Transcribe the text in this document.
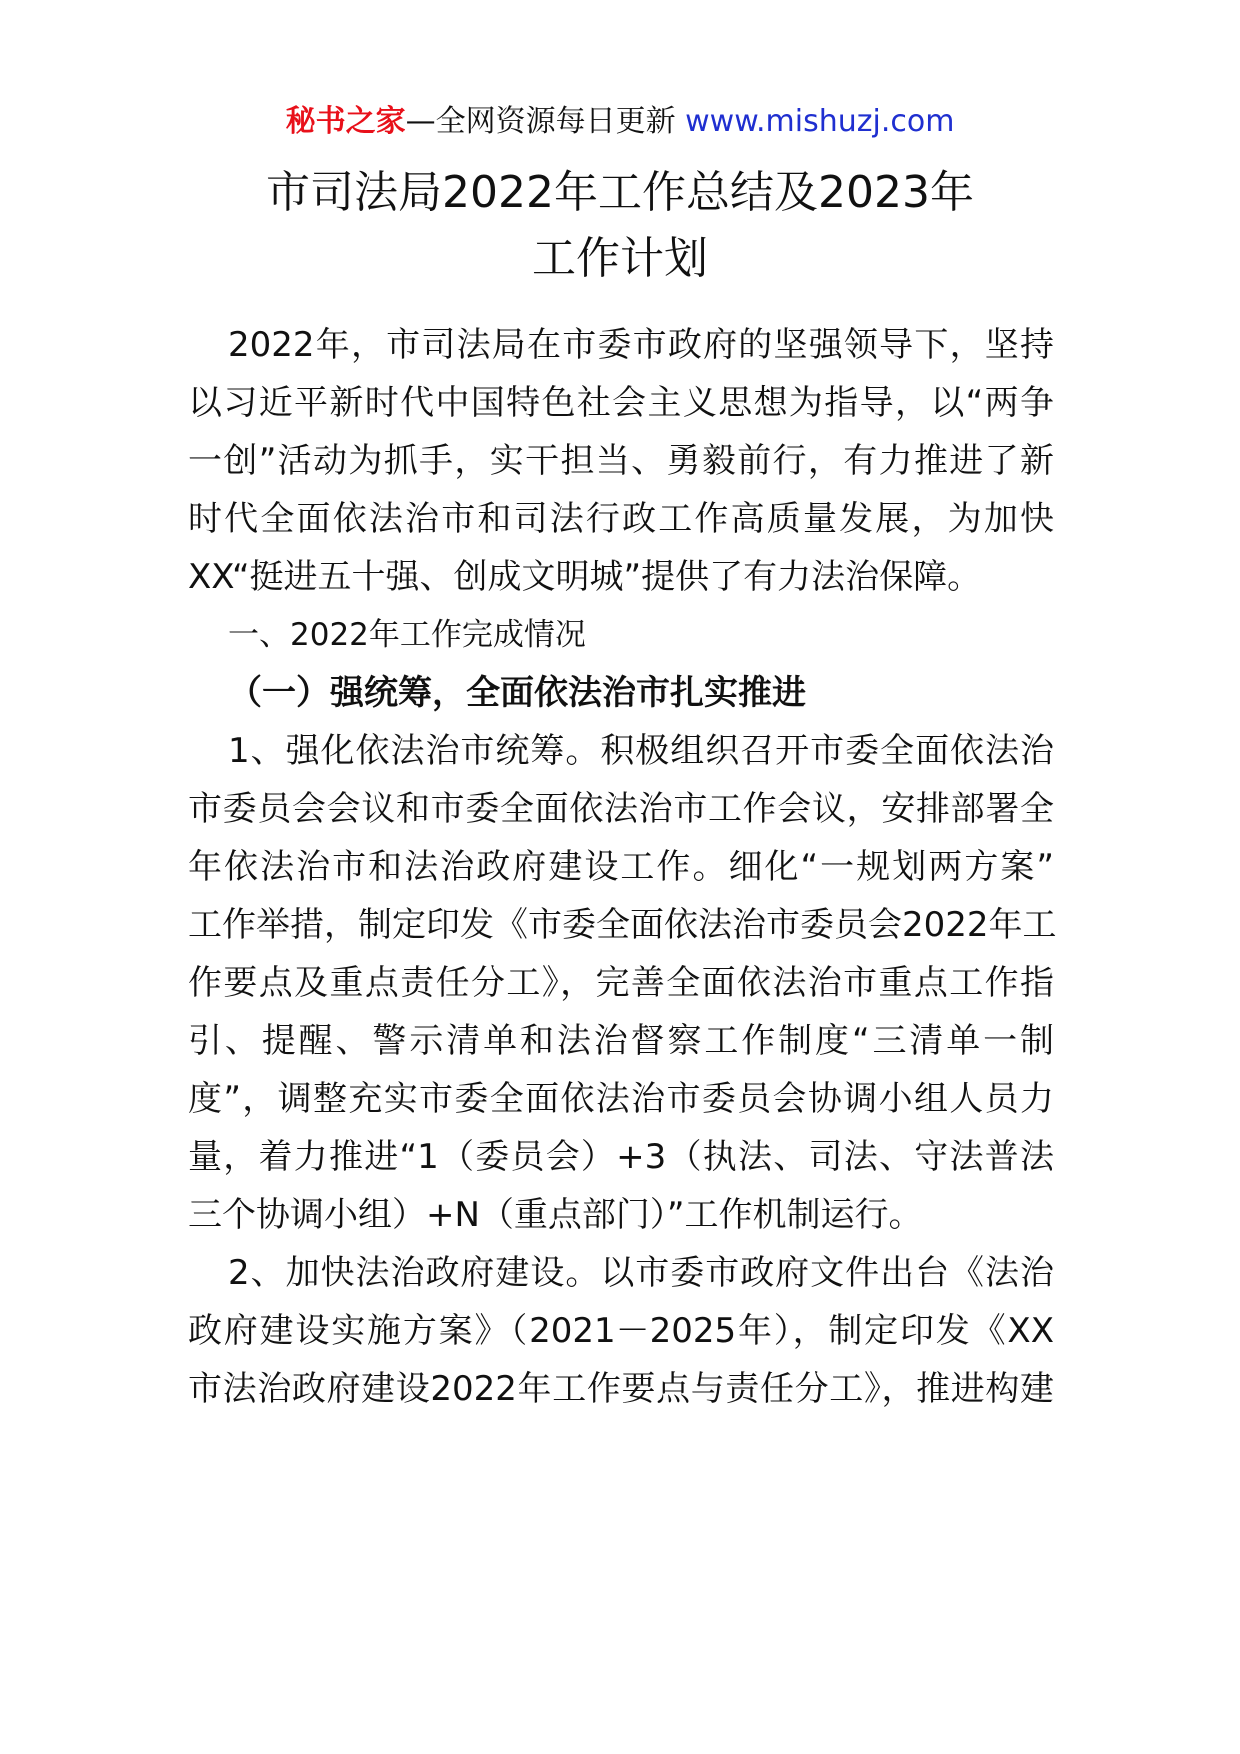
秘书之家—全网资源每日更新 www.mishuzj.com
市司法局2022年工作总结及2023年
工作计划
2022年，市司法局在市委市政府的坚强领导下，坚持
以习近平新时代中国特色社会主义思想为指导，以“两争
一创”活动为抓手，实干担当、勇毅前行，有力推进了新
时代全面依法治市和司法行政工作高质量发展，为加快
XX“挺进五十强、创成文明城”提供了有力法治保障。
一、2022年工作完成情况
（一）强统筹，全面依法治市扎实推进
1、强化依法治市统筹。积极组织召开市委全面依法治
市委员会会议和市委全面依法治市工作会议，安排部署全
年依法治市和法治政府建设工作。细化“一规划两方案”
工作举措，制定印发《市委全面依法治市委员会2022年工
作要点及重点责任分工》，完善全面依法治市重点工作指
引、提醒、警示清单和法治督察工作制度“三清单一制
度”，调整充实市委全面依法治市委员会协调小组人员力
量，着力推进“1（委员会）+3（执法、司法、守法普法
三个协调小组）+N（重点部门）”工作机制运行。
2、加快法治政府建设。以市委市政府文件出台《法治
政府建设实施方案》（2021－2025年），制定印发《XX
市法治政府建设2022年工作要点与责任分工》，推进构建
